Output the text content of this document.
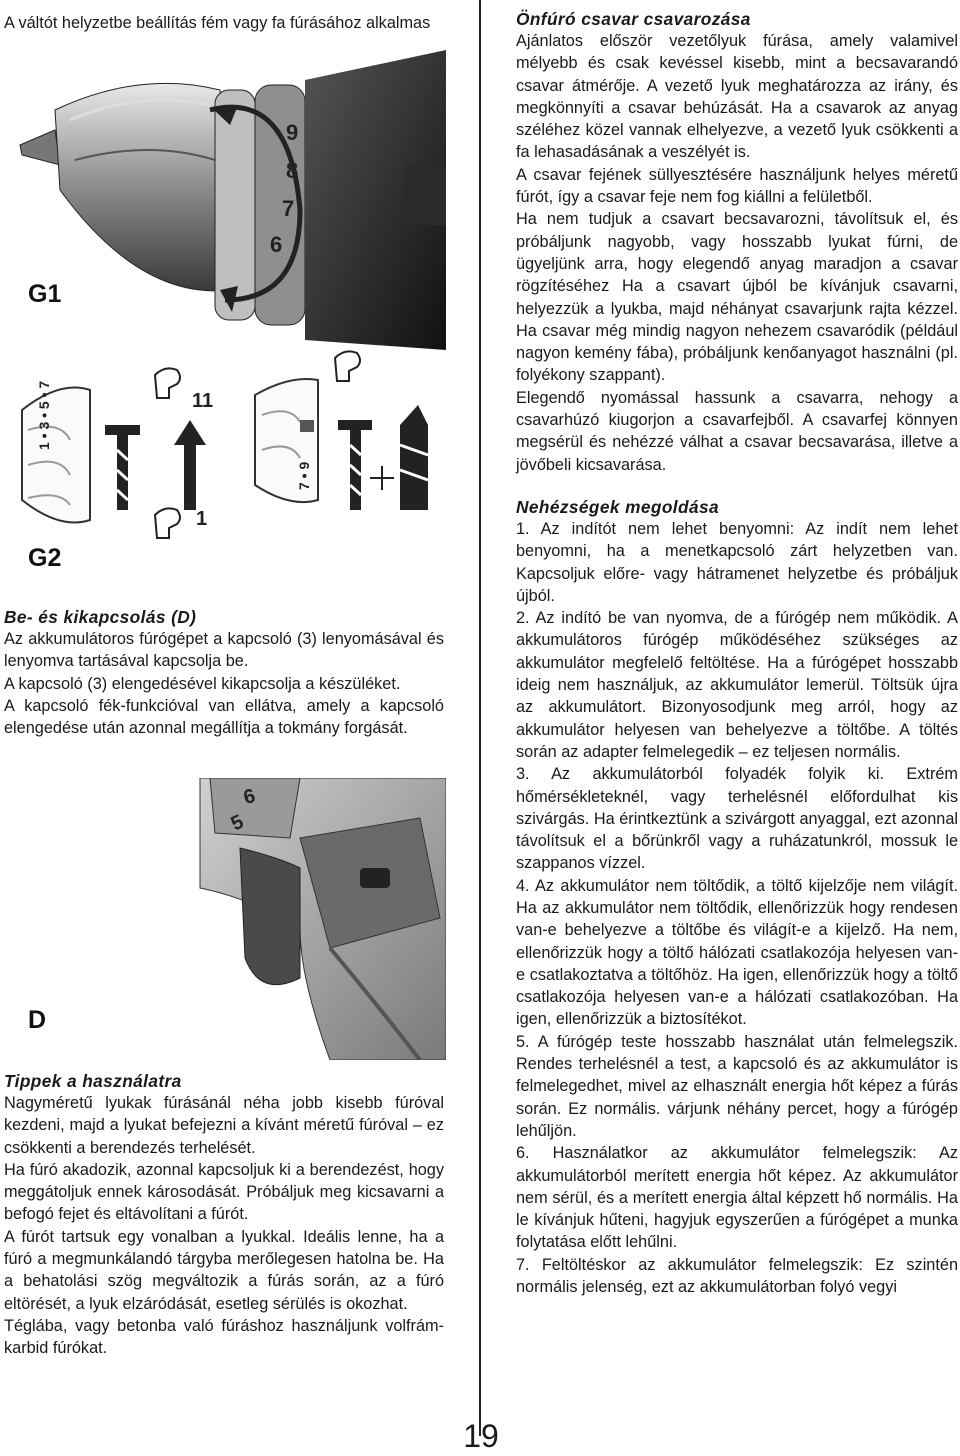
A váltót helyzetbe beállítás fém vagy fa fúrásához alkalmas

9
8
7
6
G1
1 • 3 • 5 • 7
7 • 9
11
1
G2

Be- és kikapcsolás (D)

Az akkumulátoros fúrógépet a kapcsoló (3) lenyomásával és lenyomva tartásával kapcsolja be.

A kapcsoló (3) elengedésével kikapcsolja a készüléket.

A kapcsoló fék-funkcióval van ellátva, amely a kapcsoló elengedése után azonnal megállítja a tokmány forgását.

6
5
D

Tippek a használatra

Nagyméretű lyukak fúrásánál néha jobb kisebb fúróval kezdeni, majd a lyukat befejezni a kívánt méretű fúróval – ez csökkenti a berendezés terhelését.

Ha fúró akadozik, azonnal kapcsoljuk ki a berendezést, hogy meggátoljuk ennek károsodását. Próbáljuk meg kicsavarni a befogó fejet és eltávolítani a fúrót.

A fúrót tartsuk egy vonalban a lyukkal. Ideális lenne, ha a fúró a megmunkálandó tárgyba merőlegesen hatolna be. Ha a behatolási szög megváltozik a fúrás során, az a fúró eltörését, a lyuk elzáródását, esetleg sérülés is okozhat.

Téglába, vagy betonba való fúráshoz használjunk volfrám-karbid fúrókat.

Önfúró csavar csavarozása

Ajánlatos először vezetőlyuk fúrása, amely valamivel mélyebb és csak kevéssel kisebb, mint a becsavarandó csavar átmérője. A vezető lyuk meghatározza az irány, és megkönnyíti a csavar behúzását. Ha a csavarok az anyag széléhez közel vannak elhelyezve, a vezető lyuk csökkenti a fa lehasadásának a veszélyét is.

A csavar fejének süllyesztésére használjunk helyes méretű fúrót, így a csavar feje nem fog kiállni a felületből.

Ha nem tudjuk a csavart becsavarozni, távolítsuk el, és próbáljunk nagyobb, vagy hosszabb lyukat fúrni, de ügyeljünk arra, hogy elegendő anyag maradjon a csavar rögzítéséhez Ha a csavart újból be kívánjuk csavarni, helyezzük a lyukba, majd néhányat csavarjunk rajta kézzel. Ha csavar még mindig nagyon nehezem csavaródik (például nagyon kemény fába), próbáljunk kenőanyagot használni (pl. folyékony szappant).

Elegendő nyomással hassunk a csavarra, nehogy a csavarhúzó kiugorjon a csavarfejből. A csavarfej könnyen megsérül és nehézzé válhat a csavar becsavarása, illetve a jövőbeli kicsavarása.

Nehézségek megoldása

1. Az indítót nem lehet benyomni: Az indít nem lehet benyomni, ha a menetkapcsoló zárt helyzetben van. Kapcsoljuk előre- vagy hátramenet helyzetbe és próbáljuk újból.

2. Az indító be van nyomva, de a fúrógép nem működik. A akkumulátoros fúrógép működéséhez szükséges az akkumulátor megfelelő feltöltése. Ha a fúrógépet hosszabb ideig nem használjuk, az akkumulátor lemerül. Töltsük újra az akkumulátort. Bizonyosodjunk meg arról, hogy az akkumulátor helyesen van behelyezve a töltőbe. A töltés során az adapter felmelegedik – ez teljesen normális.

3. Az akkumulátorból folyadék folyik ki. Extrém hőmérsékleteknél, vagy terhelésnél előfordulhat kis szivárgás. Ha érintkeztünk a szivárgott anyaggal, ezt azonnal távolítsuk el a bőrünkről vagy a ruházatunkról, mossuk le szappanos vízzel.

4. Az akkumulátor nem töltődik, a töltő kijelzője nem világít. Ha az akkumulátor nem töltődik, ellenőrizzük hogy rendesen van-e behelyezve a töltőbe és világít-e a kijelző. Ha nem, ellenőrizzük hogy a töltő hálózati csatlakozója helyesen van-e csatlakoztatva a töltőhöz. Ha igen, ellenőrizzük hogy a töltő csatlakozója helyesen van-e a hálózati csatlakozóban. Ha igen, ellenőrizzük a biztosítékot.

5. A fúrógép teste hosszabb használat után felmelegszik. Rendes terhelésnél a test, a kapcsoló és az akkumulátor is felmelegedhet, mivel az elhasznált energia hőt képez a fúrás során. Ez normális. várjunk néhány percet, hogy a fúrógép lehűljön.

6. Használatkor az akkumulátor felmelegszik: Az akkumulátorból merített energia hőt képez. Az akkumulátor nem sérül, és a merített energia által képzett hő normális. Ha le kívánjuk hűteni, hagyjuk egyszerűen a fúrógépet a munka folytatása előtt lehűlni.

7. Feltöltéskor az akkumulátor felmelegszik: Ez szintén normális jelenség, ezt az akkumulátorban folyó vegyi

19
